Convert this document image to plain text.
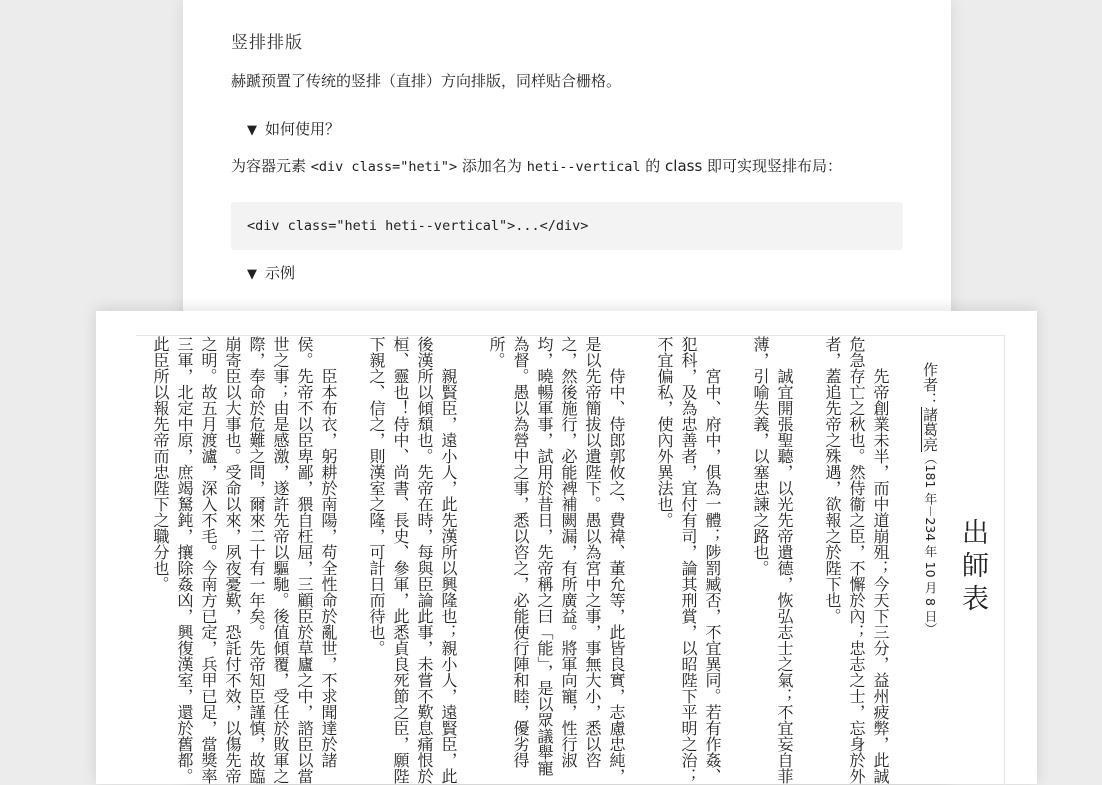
竖排排版
赫蹏预置了传统的竖排（直排）方向排版，同样贴合栅格。
▼ 如何使用？
为容器元素 <div class="heti"> 添加名为 heti--vertical 的 class 即可实现竖排布局：
<div class="heti heti--vertical">...</div>
▼ 示例
出師表
作者：諸葛亮（181 年－234 年 10 月 8 日）
先帝創業未半，而中道崩殂；今天下三分，益州疲弊，此誠危急存亡之秋也。然侍衞之臣，不懈於內；忠志之士，忘身於外者，蓋追先帝之殊遇，欲報之於陛下也。
誠宜開張聖聽，以光先帝遺德，恢弘志士之氣；不宜妄自菲薄，引喻失義，以塞忠諫之路也。
宮中、府中，俱為一體；陟罰臧否，不宜異同。若有作姦、犯科，及為忠善者，宜付有司，論其刑賞，以昭陛下平明之治；不宜偏私，使內外異法也。
侍中、侍郎郭攸之、費禕、董允等，此皆良實，志慮忠純，是以先帝簡拔以遺陛下。愚以為宮中之事，事無大小，悉以咨之，然後施行，必能裨補闕漏，有所廣益。將軍向寵，性行淑均，曉暢軍事，試用於昔日，先帝稱之曰「能」，是以眾議舉寵為督。愚以為營中之事，悉以咨之，必能使行陣和睦，優劣得所。
親賢臣，遠小人，此先漢所以興隆也；親小人，遠賢臣，此後漢所以傾頹也。先帝在時，每與臣論此事，未嘗不歎息痛恨於桓、靈也！侍中、尚書、長史、參軍，此悉貞良死節之臣，願陛下親之、信之，則漢室之隆，可計日而待也。
臣本布衣，躬耕於南陽，苟全性命於亂世，不求聞達於諸侯。先帝不以臣卑鄙，猥自枉屈，三顧臣於草廬之中，諮臣以當世之事；由是感激，遂許先帝以驅馳。後值傾覆，受任於敗軍之際，奉命於危難之間，爾來二十有一年矣。先帝知臣謹慎，故臨崩寄臣以大事也。受命以來，夙夜憂歎，恐託付不效，以傷先帝之明。故五月渡瀘，深入不毛。今南方已定，兵甲已足，當獎率三軍，北定中原，庶竭駑鈍，攘除姦凶，興復漢室，還於舊都。此臣所以報先帝而忠陛下之職分也。
